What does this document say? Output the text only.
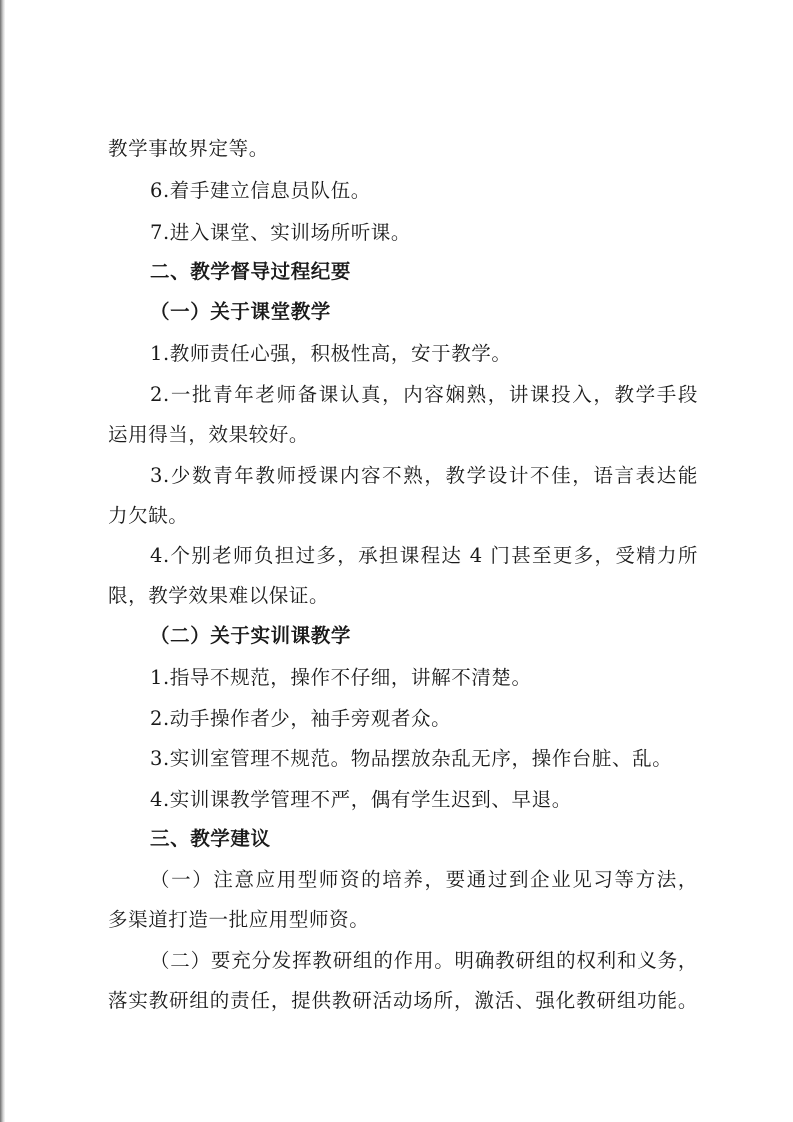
教学事故界定等。
6.着手建立信息员队伍。
7.进入课堂、实训场所听课。
二、教学督导过程纪要
（一）关于课堂教学
1.教师责任心强，积极性高，安于教学。
2.一批青年老师备课认真，内容娴熟，讲课投入，教学手段
运用得当，效果较好。
3.少数青年教师授课内容不熟，教学设计不佳，语言表达能
力欠缺。
4.个别老师负担过多，承担课程达 4 门甚至更多，受精力所
限，教学效果难以保证。
（二）关于实训课教学
1.指导不规范，操作不仔细，讲解不清楚。
2.动手操作者少，袖手旁观者众。
3.实训室管理不规范。物品摆放杂乱无序，操作台脏、乱。
4.实训课教学管理不严，偶有学生迟到、早退。
三、教学建议
（一）注意应用型师资的培养，要通过到企业见习等方法，
多渠道打造一批应用型师资。
（二）要充分发挥教研组的作用。明确教研组的权利和义务，
落实教研组的责任，提供教研活动场所，激活、强化教研组功能。
